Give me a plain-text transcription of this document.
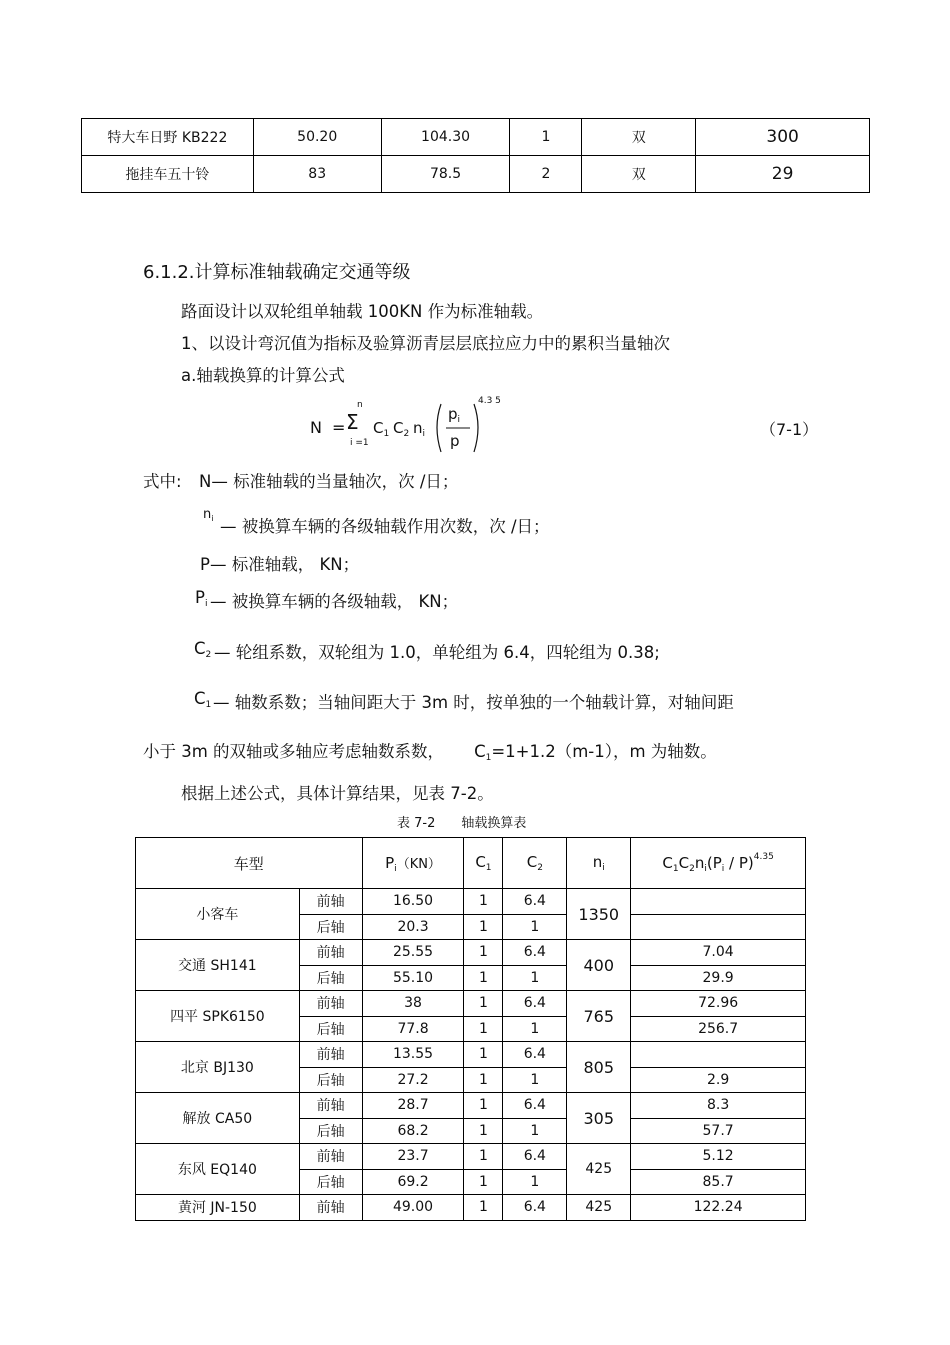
特大车日野 KB222	50.20	104.30	1	双	300
拖挂车五十铃	83	78.5	2	双	29
6.1.2.计算标准轴载确定交通等级
路面设计以双轮组单轴载 100KN 作为标准轴载。
1、以设计弯沉值为指标及验算沥青层层底拉应力中的累积当量轴次
a.轴载换算的计算公式
N =
n
Σ
i =1
$C_1$ $C_2$ $n_i$
$p_i$
p
4.3 5
（7-1）
式中: N— 标准轴载的当量轴次，次 /日；
$n_i$ — 被换算车辆的各级轴载作用次数，次 /日；
P— 标准轴载， KN；
$P_i$ — 被换算车辆的各级轴载， KN；
$C_2$ — 轮组系数，双轮组为 1.0，单轮组为 6.4，四轮组为 0.38;
$C_1$ — 轴数系数；当轴间距大于 3m 时，按单独的一个轴载计算，对轴间距
小于 3m 的双轴或多轴应考虑轴数系数， $C_1=1+1.2(m-1)$，m 为轴数。
根据上述公式，具体计算结果，见表 7-2。
表 7-2　　轴载换算表
车型		$P_i(KN)$	$C_1$	$C_2$	$n_i$	$C_1C_2n_i(P_i / P)^{4.35}$
小客车	前轴	16.50	1	6.4	1350	
	后轴	20.3	1	1		
交通 SH141	前轴	25.55	1	6.4	400	7.04
	后轴	55.10	1	1		29.9
四平 SPK6150	前轴	38	1	6.4	765	72.96
	后轴	77.8	1	1		256.7
北京 BJ130	前轴	13.55	1	6.4	805	
	后轴	27.2	1	1		2.9
解放 CA50	前轴	28.7	1	6.4	305	8.3
	后轴	68.2	1	1		57.7
东风 EQ140	前轴	23.7	1	6.4	425	5.12
	后轴	69.2	1	1		85.7
黄河 JN-150	前轴	49.00	1	6.4	425	122.24
